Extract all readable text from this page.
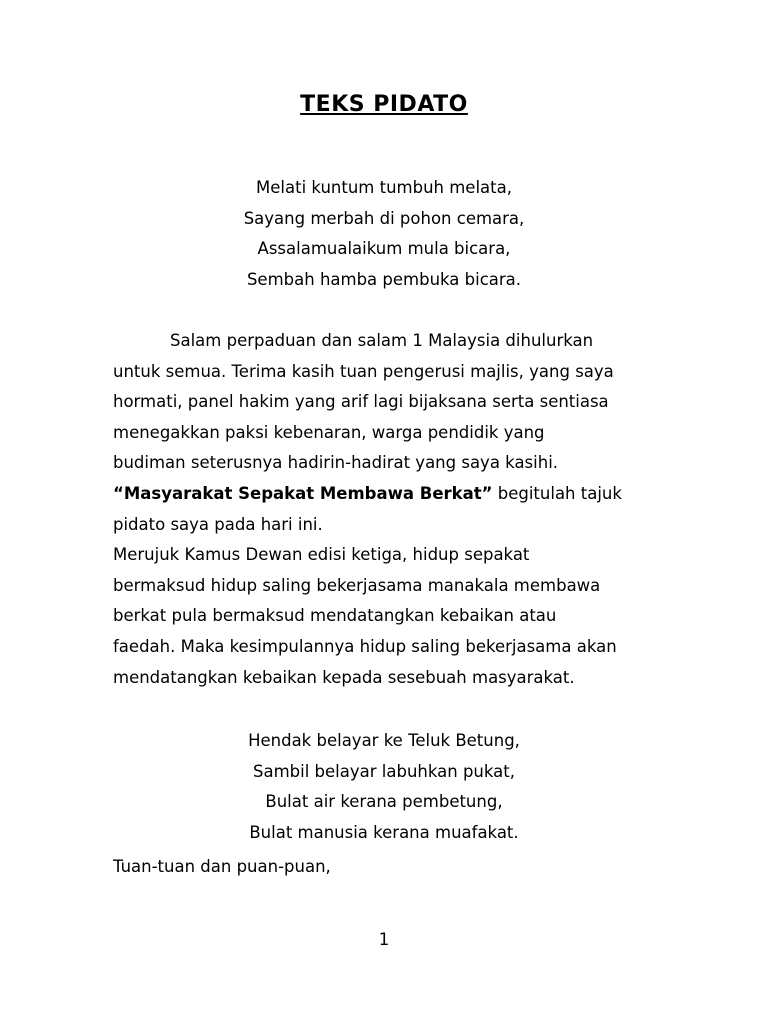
TEKS PIDATO
Melati kuntum tumbuh melata,
Sayang merbah di pohon cemara,
Assalamualaikum mula bicara,
Sembah hamba pembuka bicara.
Salam perpaduan dan salam 1 Malaysia dihulurkan
untuk semua. Terima kasih tuan pengerusi majlis, yang saya
hormati, panel hakim yang arif lagi bijaksana serta sentiasa
menegakkan paksi kebenaran, warga pendidik yang
budiman seterusnya hadirin-hadirat yang saya kasihi.
“Masyarakat Sepakat Membawa Berkat” begitulah tajuk
pidato saya pada hari ini.
Merujuk Kamus Dewan edisi ketiga, hidup sepakat
bermaksud hidup saling bekerjasama manakala membawa
berkat pula bermaksud mendatangkan kebaikan atau
faedah. Maka kesimpulannya hidup saling bekerjasama akan
mendatangkan kebaikan kepada sesebuah masyarakat.
Hendak belayar ke Teluk Betung,
Sambil belayar labuhkan pukat,
Bulat air kerana pembetung,
Bulat manusia kerana muafakat.
Tuan-tuan dan puan-puan,
1
